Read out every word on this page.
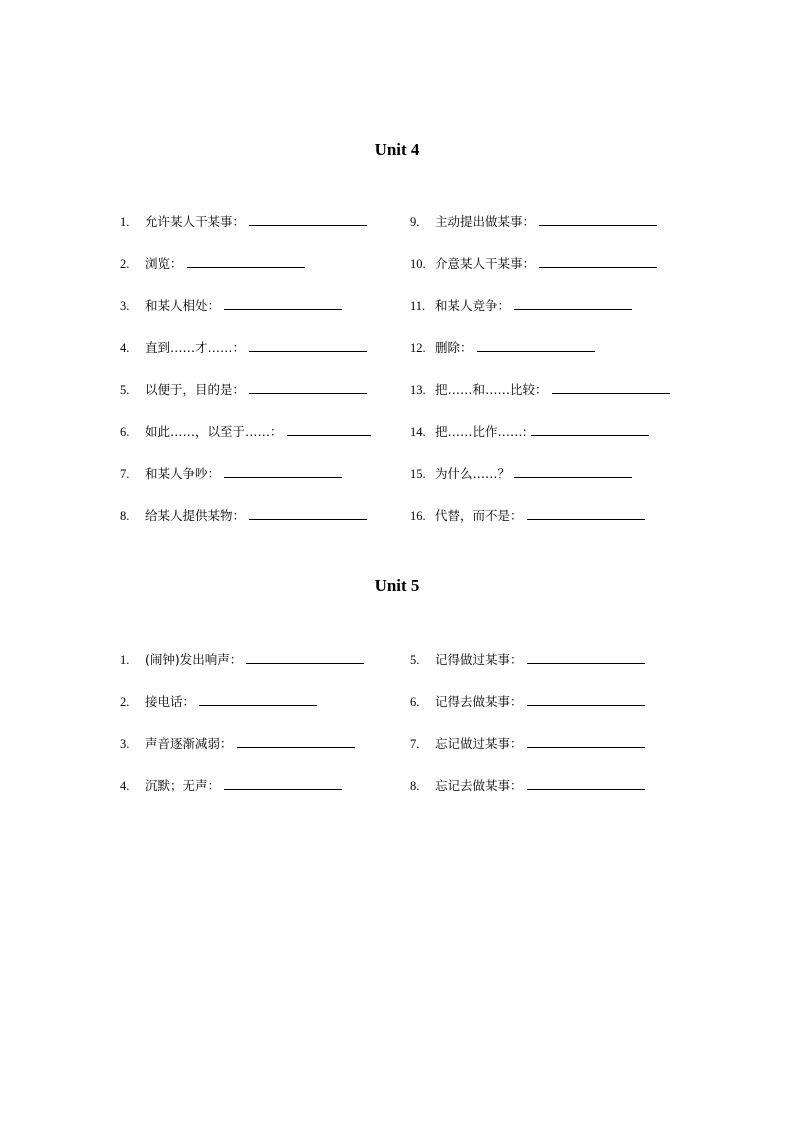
Unit 4
1.	允许某人干某事：
2.	浏览：
3.	和某人相处：
4.	直到……才……：
5.	以便于，目的是：
6.	如此……，以至于……：
7.	和某人争吵：
8.	给某人提供某物：
9.	主动提出做某事：
10. 介意某人干某事：
11. 和某人竞争：
12. 删除：
13. 把……和……比较：
14. 把……比作……:
15. 为什么……？
16. 代替，而不是：
Unit 5
1.	(闹钟)发出响声：
2.	接电话：
3.	声音逐渐减弱：
4.	沉默；无声：
5.	记得做过某事：
6.	记得去做某事：
7.	忘记做过某事：
8.	忘记去做某事：
